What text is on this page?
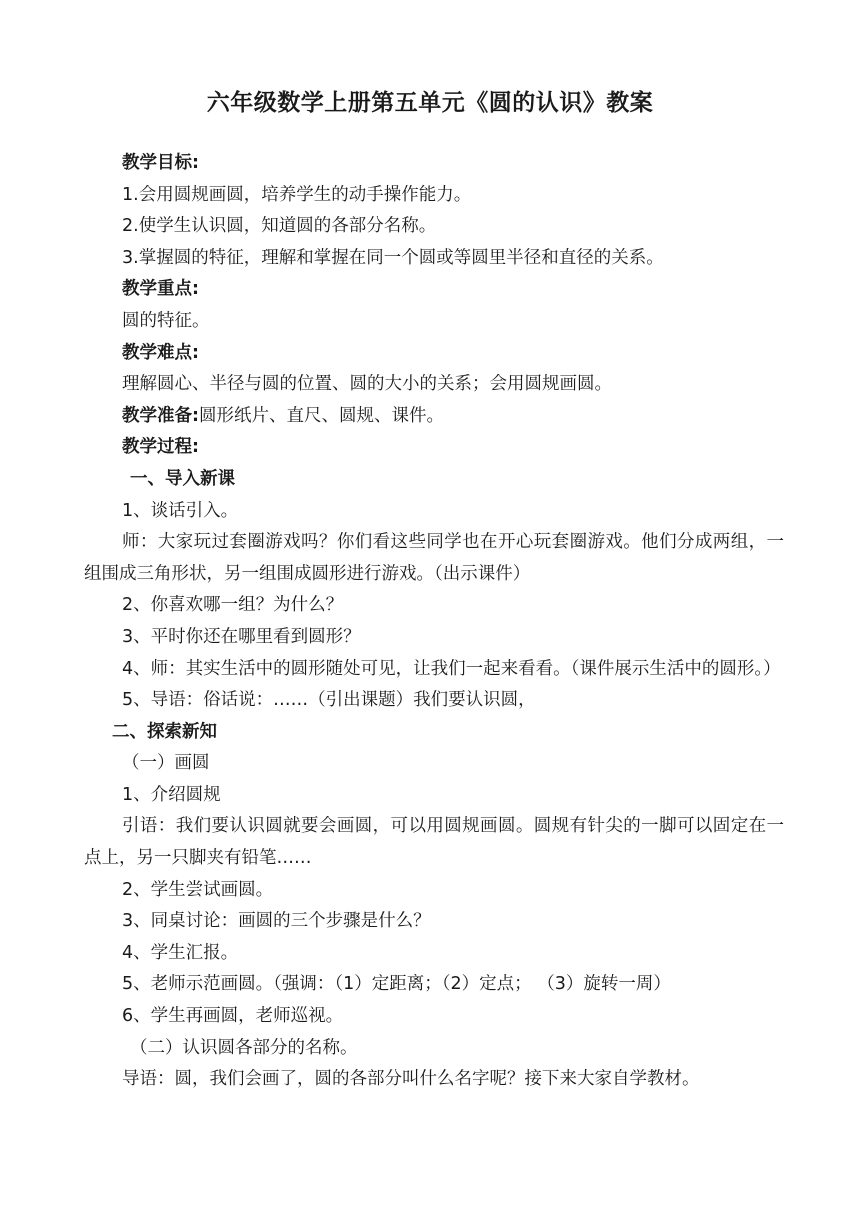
六年级数学上册第五单元《圆的认识》教案

教学目标:

1.会用圆规画圆，培养学生的动手操作能力。

2.使学生认识圆，知道圆的各部分名称。

3.掌握圆的特征，理解和掌握在同一个圆或等圆里半径和直径的关系。

教学重点:

圆的特征。

教学难点:

理解圆心、半径与圆的位置、圆的大小的关系；会用圆规画圆。

教学准备:圆形纸片、直尺、圆规、课件。

教学过程:

一、导入新课

1、谈话引入。

师：大家玩过套圈游戏吗？你们看这些同学也在开心玩套圈游戏。他们分成两组，一组围成三角形状，另一组围成圆形进行游戏。（出示课件）

2、你喜欢哪一组？为什么？

3、平时你还在哪里看到圆形？

4、师：其实生活中的圆形随处可见，让我们一起来看看。（课件展示生活中的圆形。）

5、导语：俗话说：……（引出课题）我们要认识圆，

二、探索新知

（一）画圆

1、介绍圆规

引语：我们要认识圆就要会画圆，可以用圆规画圆。圆规有针尖的一脚可以固定在一点上，另一只脚夹有铅笔……

2、学生尝试画圆。

3、同桌讨论：画圆的三个步骤是什么？

4、学生汇报。

5、老师示范画圆。（强调：（1）定距离；（2）定点； （3）旋转一周）

6、学生再画圆，老师巡视。

（二）认识圆各部分的名称。

导语：圆，我们会画了，圆的各部分叫什么名字呢？接下来大家自学教材。
